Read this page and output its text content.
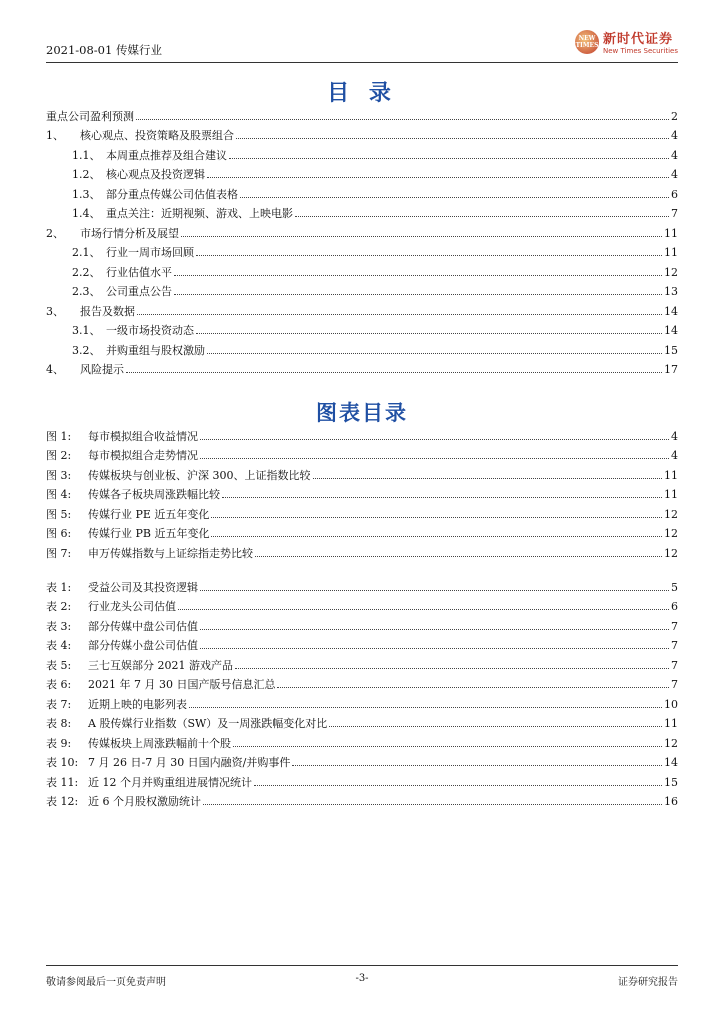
2021-08-01 传媒行业
NEW TIMES 新时代证券
New Times Securities
目 录
重点公司盈利预测	2
1、	核心观点、投资策略及股票组合	4
1.1、 本周重点推荐及组合建议	4
1.2、 核心观点及投资逻辑	4
1.3、 部分重点传媒公司估值表格	6
1.4、 重点关注：近期视频、游戏、上映电影	7
2、	市场行情分析及展望	11
2.1、 行业一周市场回顾	11
2.2、 行业估值水平	12
2.3、 公司重点公告	13
3、	报告及数据	14
3.1、 一级市场投资动态	14
3.2、 并购重组与股权激励	15
4、	风险提示	17
图表目录
图 1:	每市模拟组合收益情况	4
图 2:	每市模拟组合走势情况	4
图 3:	传媒板块与创业板、沪深 300、上证指数比较	11
图 4:	传媒各子板块周涨跌幅比较	11
图 5:	传媒行业 PE 近五年变化	12
图 6:	传媒行业 PB 近五年变化	12
图 7:	申万传媒指数与上证综指走势比较	12
表 1:	受益公司及其投资逻辑	5
表 2:	行业龙头公司估值	6
表 3:	部分传媒中盘公司估值	7
表 4:	部分传媒小盘公司估值	7
表 5:	三七互娱部分 2021 游戏产品	7
表 6:	2021 年 7 月 30 日国产版号信息汇总	7
表 7:	近期上映的电影列表	10
表 8:	A 股传媒行业指数（SW）及一周涨跌幅变化对比	11
表 9:	传媒板块上周涨跌幅前十个股	12
表 10: 7 月 26 日-7 月 30 日国内融资/并购事件	14
表 11: 近 12 个月并购重组进展情况统计	15
表 12: 近 6 个月股权激励统计	16
敬请参阅最后一页免责声明	-3-	证券研究报告
